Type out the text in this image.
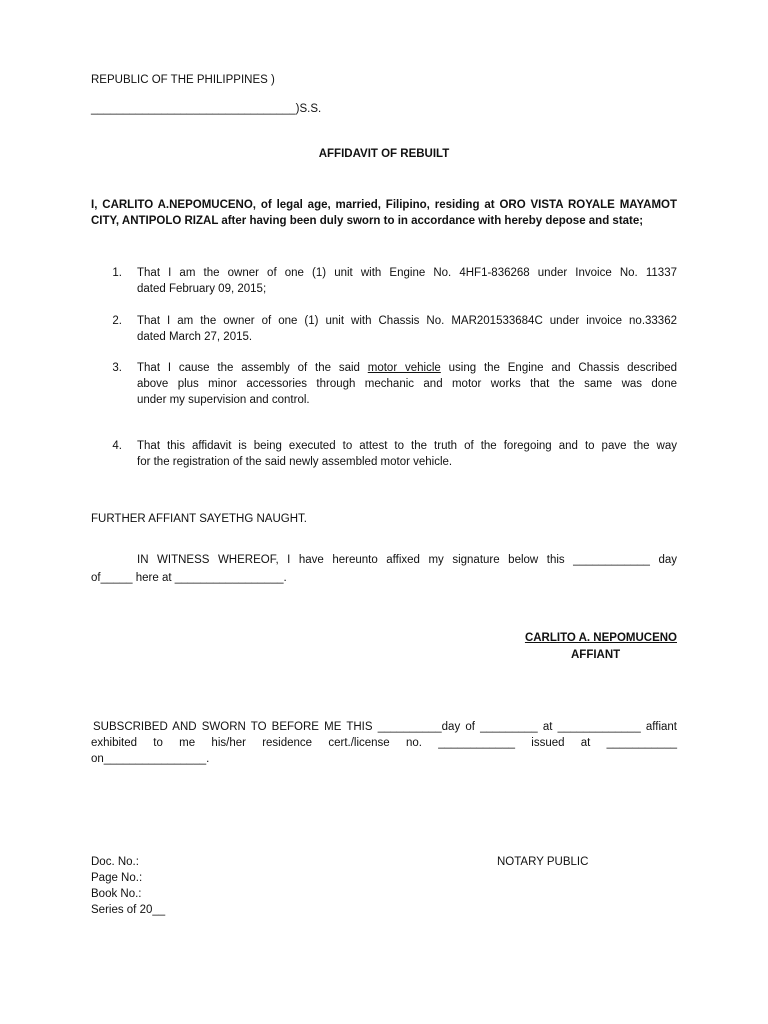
REPUBLIC OF THE PHILIPPINES )
________________________________)S.S.
AFFIDAVIT OF REBUILT
I, CARLITO A.NEPOMUCENO, of legal age, married, Filipino, residing at ORO VISTA ROYALE MAYAMOT
CITY, ANTIPOLO RIZAL after having been duly sworn to in accordance with hereby depose and state;
1. That I am the owner of one (1) unit with Engine No. 4HF1-836268 under Invoice No. 11337
dated February 09, 2015;
2. That I am the owner of one (1) unit with Chassis No. MAR201533684C under invoice no.33362
dated March 27, 2015.
3. That I cause the assembly of the said motor vehicle using the Engine and Chassis described
above plus minor accessories through mechanic and motor works that the same was done
under my supervision and control.
4. That this affidavit is being executed to attest to the truth of the foregoing and to pave the way
for the registration of the said newly assembled motor vehicle.
FURTHER AFFIANT SAYETHG NAUGHT.
IN WITNESS WHEREOF, I have hereunto affixed my signature below this ____________ day
of_____ here at _________________.
CARLITO A. NEPOMUCENO
AFFIANT
SUBSCRIBED AND SWORN TO BEFORE ME THIS __________day of _________ at _____________ affiant
exhibited to me his/her residence cert./license no. ____________ issued at ___________
on________________.
Doc. No.:
Page No.:
Book No.:
Series of 20__
NOTARY PUBLIC
